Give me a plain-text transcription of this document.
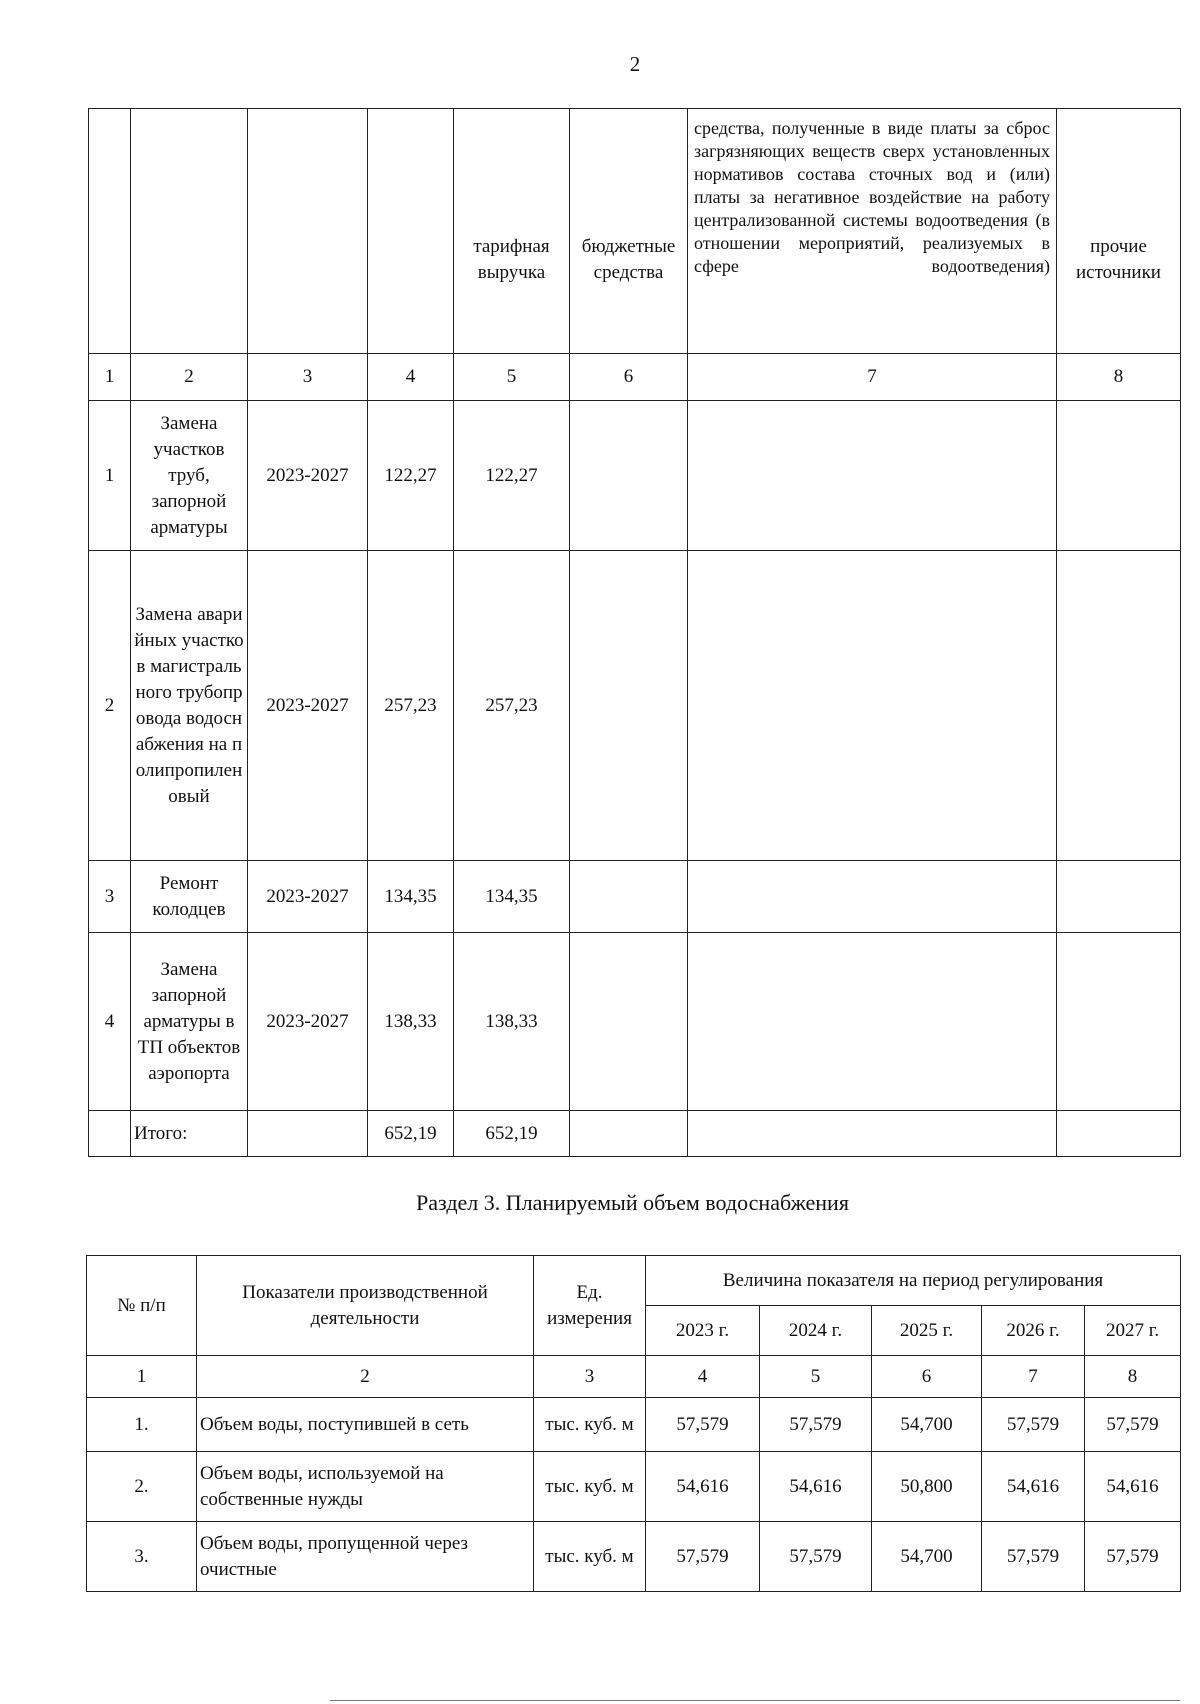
2
				тарифная выручка	бюджетные средства	средства, полученные в виде платы за сброс загрязняющих веществ сверх установленных нормативов состава сточных вод и (или) платы за негативное воздействие на работу централизованной системы водоотведения (в отношении мероприятий, реализуемых в сфере водоотведения)	прочие источники
1	2	3	4	5	6	7	8
1	Замена участков труб, запорной арматуры	2023-2027	122,27	122,27			
2	Замена аварийных участков магистрального трубопровода водоснабжения на полипропиленовый	2023-2027	257,23	257,23			
3	Ремонт колодцев	2023-2027	134,35	134,35			
4	Замена запорной арматуры в ТП объектов аэропорта	2023-2027	138,33	138,33			
	Итого:		652,19	652,19			
Раздел 3. Планируемый объем водоснабжения
№ п/п	Показатели производственной деятельности	Ед. измерения	Величина показателя на период регулирования				
			2023 г.	2024 г.	2025 г.	2026 г.	2027 г.
1	2	3	4	5	6	7	8
1.	Объем воды, поступившей в сеть	тыс. куб. м	57,579	57,579	54,700	57,579	57,579
2.	Объем воды, используемой на собственные нужды	тыс. куб. м	54,616	54,616	50,800	54,616	54,616
3.	Объем воды, пропущенной через очистные	тыс. куб. м	57,579	57,579	54,700	57,579	57,579
